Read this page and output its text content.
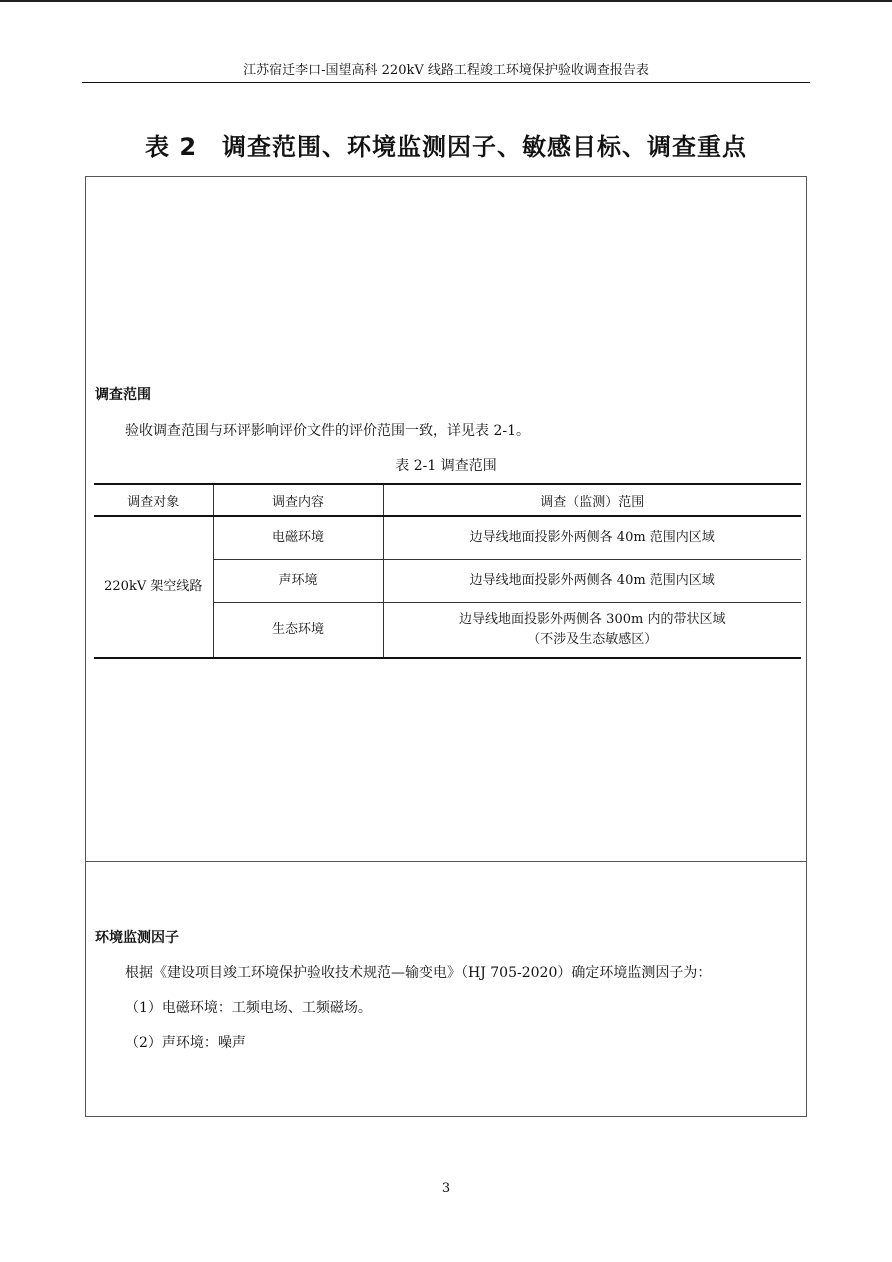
江苏宿迁李口-国望高科 220kV 线路工程竣工环境保护验收调查报告表
表 2　调查范围、环境监测因子、敏感目标、调查重点
调查范围
验收调查范围与环评影响评价文件的评价范围一致，详见表 2-1。
表 2-1 调查范围
调查对象	调查内容	调查（监测）范围
220kV 架空线路	电磁环境	边导线地面投影外两侧各 40m 范围内区域
	声环境	边导线地面投影外两侧各 40m 范围内区域
	生态环境	边导线地面投影外两侧各 300m 内的带状区域
（不涉及生态敏感区）
环境监测因子
根据《建设项目竣工环境保护验收技术规范—输变电》（HJ 705-2020）确定环境监测因子为：
（1）电磁环境：工频电场、工频磁场。
（2）声环境：噪声
3
